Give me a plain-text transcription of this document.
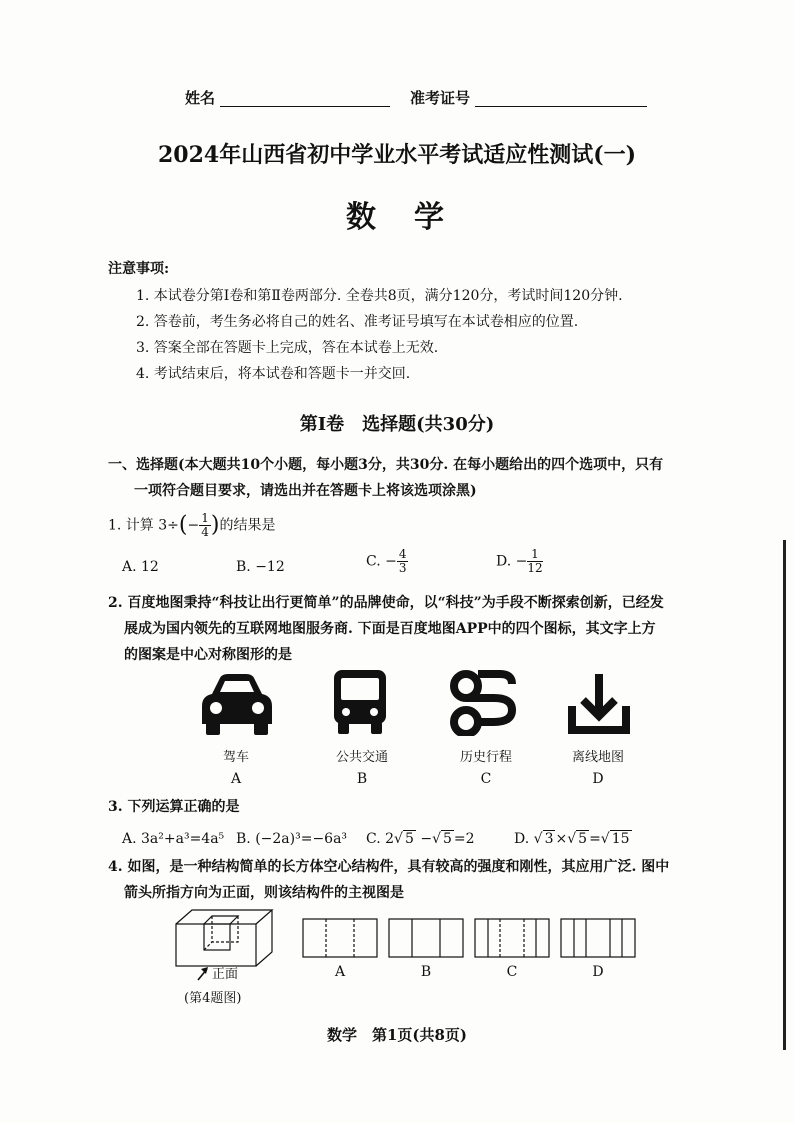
姓名	准考证号
2024年山西省初中学业水平考试适应性测试(一)
数　学
注意事项:
1. 本试卷分第Ⅰ卷和第Ⅱ卷两部分. 全卷共8页，满分120分，考试时间120分钟.
2. 答卷前，考生务必将自己的姓名、准考证号填写在本试卷相应的位置.
3. 答案全部在答题卡上完成，答在本试卷上无效.
4. 考试结束后，将本试卷和答题卡一并交回.
第Ⅰ卷　选择题(共30分)
一、选择题(本大题共10个小题，每小题3分，共30分. 在每小题给出的四个选项中，只有
一项符合题目要求，请选出并在答题卡上将该选项涂黑)
1. 计算 $3\div(- \frac{1}{4}$ )的结果是
A. 12	B. −12	C. − $\frac{4}{3}$	D. − $\frac{1}{12}$
2. 百度地图秉持“科技让出行更简单”的品牌使命，以“科技”为手段不断探索创新，已经发
展成为国内领先的互联网地图服务商. 下面是百度地图APP中的四个图标，其文字上方
的图案是中心对称图形的是
驾车	公共交通	历史行程	离线地图
A	B	C	D
3. 下列运算正确的是
A. 3a²+a³=4a⁵ B. (−2a)³=−6a³ C. 2√ 5 −√ 5 =2	D. √ 3 ×√ 5 =√ 15
4. 如图，是一种结构简单的长方体空心结构件，具有较高的强度和刚性，其应用广泛. 图中
箭头所指方向为正面，则该结构件的主视图是
正面
(第4题图)
A	B	C	D
数学　第1页(共8页)
